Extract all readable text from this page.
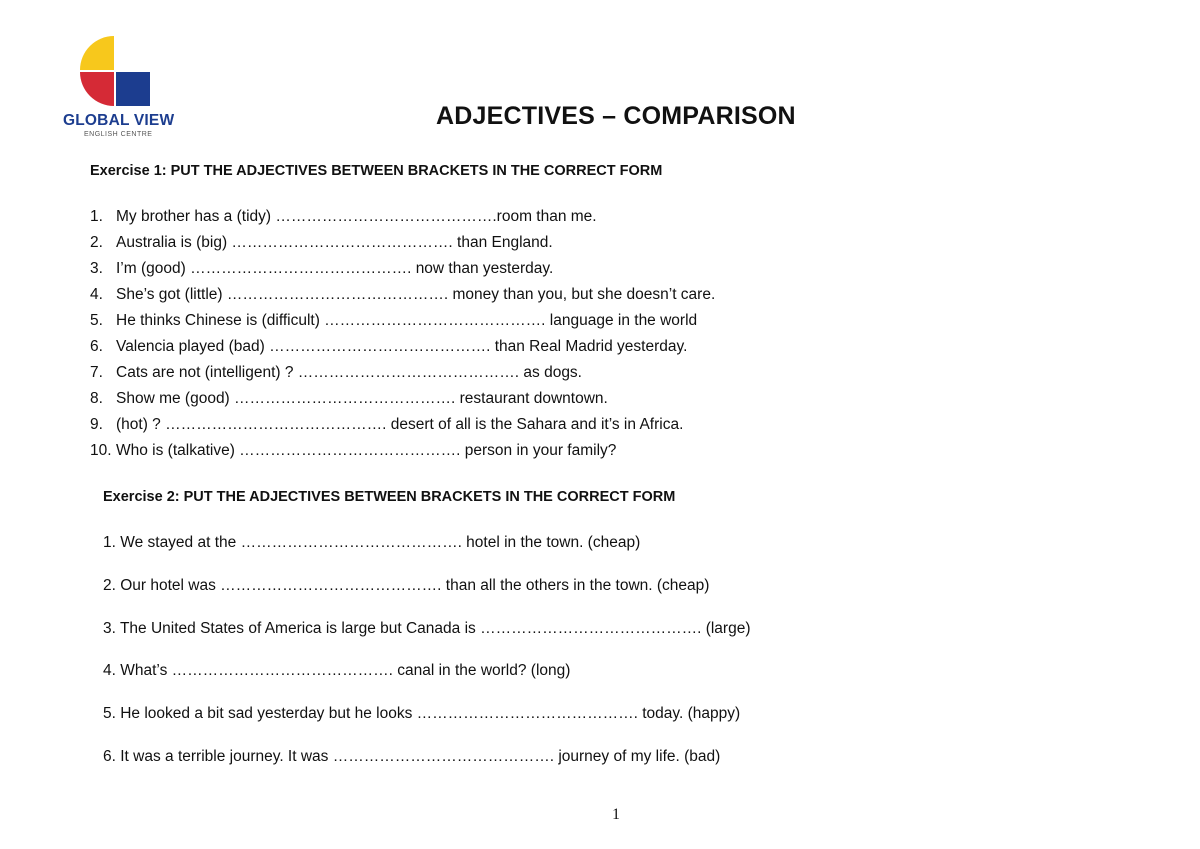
GLOBAL VIEW
ENGLISH CENTRE
ADJECTIVES – COMPARISON
Exercise 1: PUT THE ADJECTIVES BETWEEN BRACKETS IN THE CORRECT FORM
1. My brother has a (tidy) …………………………………….room than me.
2. Australia is (big) ……………………………………. than England.
3. I’m (good) ……………………………………. now than yesterday.
4. She’s got (little) ……………………………………. money than you, but she doesn’t care.
5. He thinks Chinese is (difficult) ……………………………………. language in the world
6. Valencia played (bad) ……………………………………. than Real Madrid yesterday.
7. Cats are not (intelligent) ? ……………………………………. as dogs.
8. Show me (good) ……………………………………. restaurant downtown.
9. (hot) ? ……………………………………. desert of all is the Sahara and it’s in Africa.
10. Who is (talkative) ……………………………………. person in your family?
Exercise 2: PUT THE ADJECTIVES BETWEEN BRACKETS IN THE CORRECT FORM
1. We stayed at the ……………………………………. hotel in the town. (cheap)
2. Our hotel was ……………………………………. than all the others in the town. (cheap)
3. The United States of America is large but Canada is ……………………………………. (large)
4. What’s ……………………………………. canal in the world? (long)
5. He looked a bit sad yesterday but he looks ……………………………………. today. (happy)
6. It was a terrible journey. It was ……………………………………. journey of my life. (bad)
1
